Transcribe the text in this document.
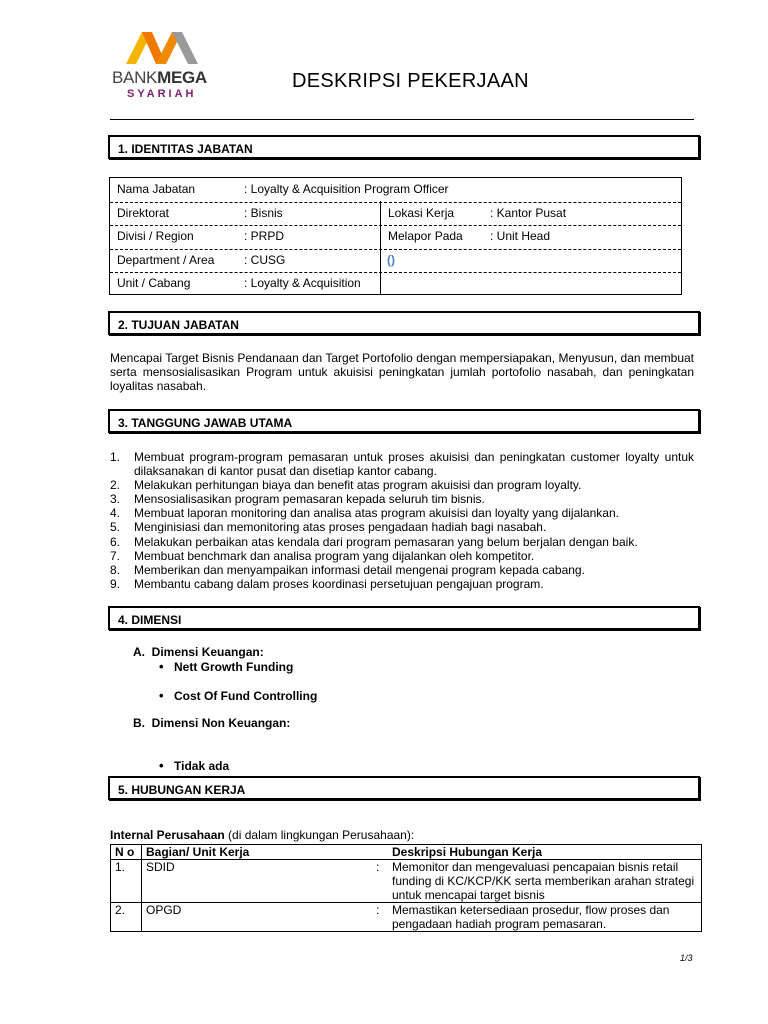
BANKMEGA
SYARIAH
DESKRIPSI PEKERJAAN
1. IDENTITAS JABATAN
Nama Jabatan	: Loyalty & Acquisition Program Officer
Direktorat	: Bisnis	Lokasi Kerja	: Kantor Pusat
Divisi / Region	: PRPD	Melapor Pada : Unit Head
Department / Area : CUSG	()
Unit / Cabang	: Loyalty & Acquisition
2. TUJUAN JABATAN
Mencapai Target Bisnis Pendanaan dan Target Portofolio dengan mempersiapakan, Menyusun, dan membuat serta mensosialisasikan Program untuk akuisisi peningkatan jumlah portofolio nasabah, dan peningkatan loyalitas nasabah.
3. TANGGUNG JAWAB UTAMA
1. Membuat program-program pemasaran untuk proses akuisisi dan peningkatan customer loyalty untuk dilaksanakan di kantor pusat dan disetiap kantor cabang.
2. Melakukan perhitungan biaya dan benefit atas program akuisisi dan program loyalty.
3. Mensosialisasikan program pemasaran kepada seluruh tim bisnis.
4. Membuat laporan monitoring dan analisa atas program akuisisi dan loyalty yang dijalankan.
5. Menginisiasi dan memonitoring atas proses pengadaan hadiah bagi nasabah.
6. Melakukan perbaikan atas kendala dari program pemasaran yang belum berjalan dengan baik.
7. Membuat benchmark dan analisa program yang dijalankan oleh kompetitor.
8. Memberikan dan menyampaikan informasi detail mengenai program kepada cabang.
9. Membantu cabang dalam proses koordinasi persetujuan pengajuan program.
4. DIMENSI
A. Dimensi Keuangan:
• Nett Growth Funding
• Cost Of Fund Controlling
B. Dimensi Non Keuangan:
• Tidak ada
5. HUBUNGAN KERJA
Internal Perusahaan (di dalam lingkungan Perusahaan):
N o	Bagian/ Unit Kerja		Deskripsi Hubungan Kerja
1.	SDID	:	Memonitor dan mengevaluasi pencapaian bisnis retail funding di KC/KCP/KK serta memberikan arahan strategi untuk mencapai target bisnis
2.	OPGD	:	Memastikan ketersediaan prosedur, flow proses dan pengadaan hadiah program pemasaran.
1/3
